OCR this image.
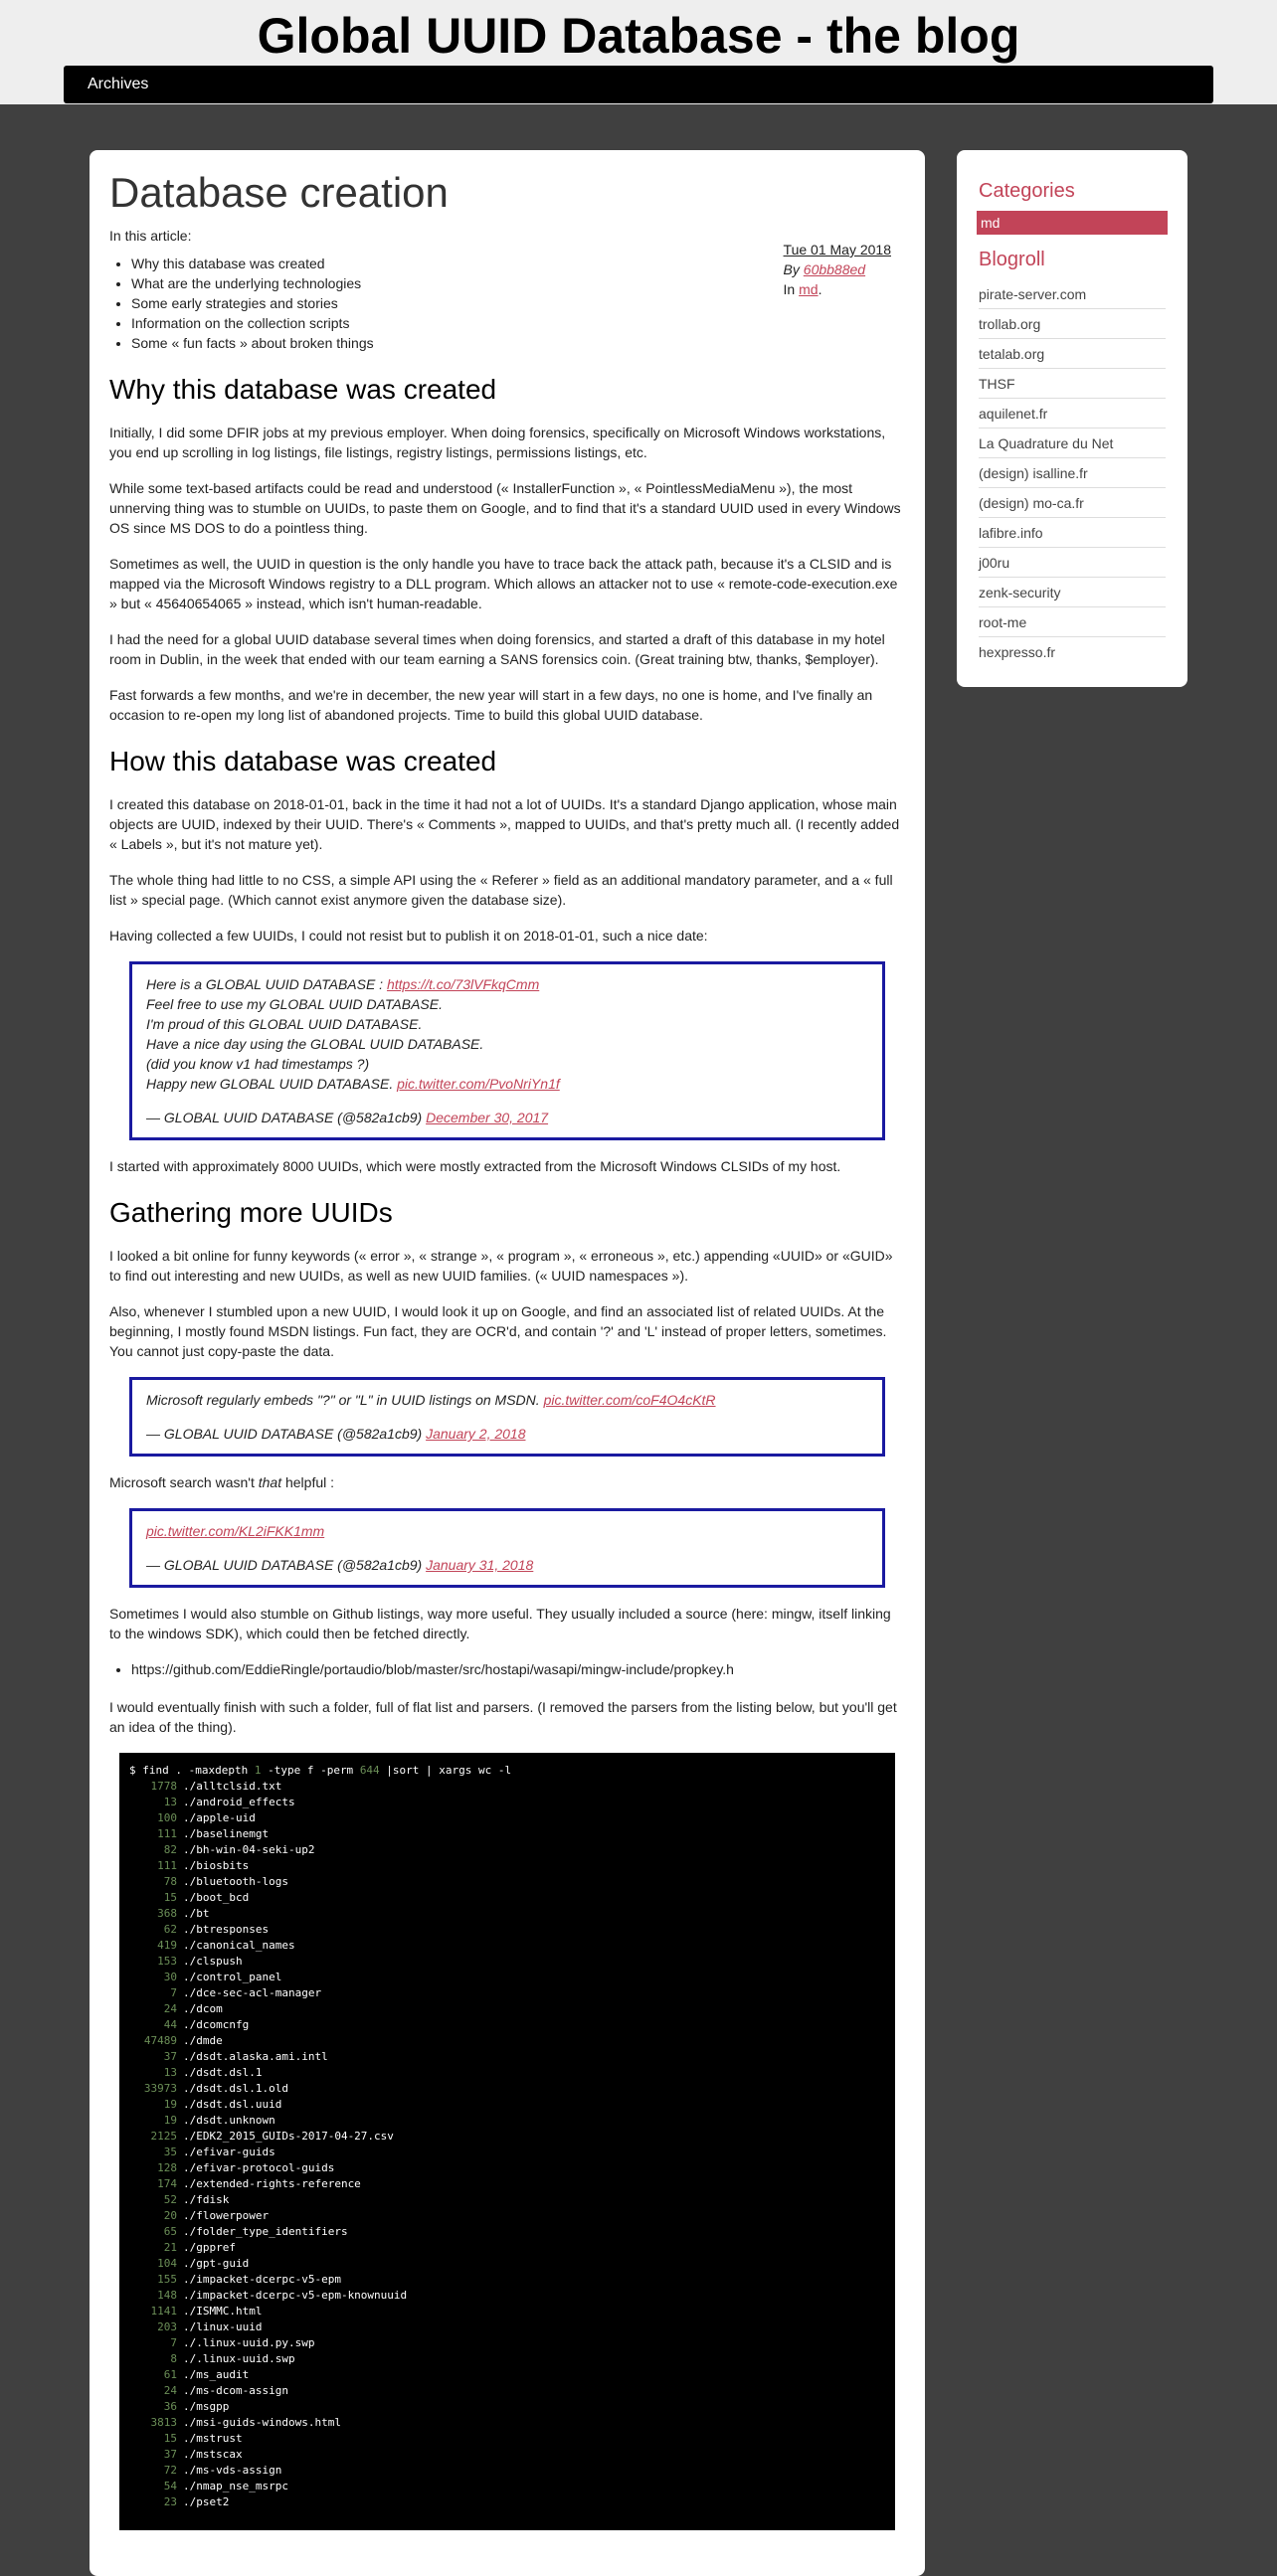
Global UUID Database - the blog
Archives
Database creation
Tue 01 May 2018
By 60bb88ed
In md.

In this article:

• Why this database was created
• What are the underlying technologies
• Some early strategies and stories
• Information on the collection scripts
• Some « fun facts » about broken things
Why this database was created

Initially, I did some DFIR jobs at my previous employer. When doing forensics, specifically on Microsoft Windows workstations, you end up scrolling in log listings, file listings, registry listings, permissions listings, etc.

While some text-based artifacts could be read and understood (« InstallerFunction », « PointlessMediaMenu »), the most unnerving thing was to stumble on UUIDs, to paste them on Google, and to find that it's a standard UUID used in every Windows OS since MS DOS to do a pointless thing.

Sometimes as well, the UUID in question is the only handle you have to trace back the attack path, because it's a CLSID and is mapped via the Microsoft Windows registry to a DLL program. Which allows an attacker not to use « remote-code-execution.exe » but « 45640654065 » instead, which isn't human-readable.

I had the need for a global UUID database several times when doing forensics, and started a draft of this database in my hotel room in Dublin, in the week that ended with our team earning a SANS forensics coin. (Great training btw, thanks, $employer).

Fast forwards a few months, and we're in december, the new year will start in a few days, no one is home, and I've finally an occasion to re-open my long list of abandoned projects. Time to build this global UUID database.

How this database was created

I created this database on 2018-01-01, back in the time it had not a lot of UUIDs. It's a standard Django application, whose main objects are UUID, indexed by their UUID. There's « Comments », mapped to UUIDs, and that's pretty much all. (I recently added « Labels », but it's not mature yet).

The whole thing had little to no CSS, a simple API using the « Referer » field as an additional mandatory parameter, and a « full list » special page. (Which cannot exist anymore given the database size).

Having collected a few UUIDs, I could not resist but to publish it on 2018-01-01, such a nice date:

Here is a GLOBAL UUID DATABASE : https://t.co/73lVFkqCmm
Feel free to use my GLOBAL UUID DATABASE.
I'm proud of this GLOBAL UUID DATABASE.
Have a nice day using the GLOBAL UUID DATABASE.
(did you know v1 had timestamps ?)
Happy new GLOBAL UUID DATABASE. pic.twitter.com/PvoNriYn1f
— GLOBAL UUID DATABASE (@582a1cb9) December 30, 2017

I started with approximately 8000 UUIDs, which were mostly extracted from the Microsoft Windows CLSIDs of my host.

Gathering more UUIDs

I looked a bit online for funny keywords (« error », « strange », « program », « erroneous », etc.) appending «UUID» or «GUID» to find out interesting and new UUIDs, as well as new UUID families. (« UUID namespaces »).

Also, whenever I stumbled upon a new UUID, I would look it up on Google, and find an associated list of related UUIDs. At the beginning, I mostly found MSDN listings. Fun fact, they are OCR'd, and contain '?' and 'L' instead of proper letters, sometimes. You cannot just copy-paste the data.

Microsoft regularly embeds "?" or "L" in UUID listings on MSDN. pic.twitter.com/coF4O4cKtR
— GLOBAL UUID DATABASE (@582a1cb9) January 2, 2018

Microsoft search wasn't that helpful :

pic.twitter.com/KL2iFKK1mm
— GLOBAL UUID DATABASE (@582a1cb9) January 31, 2018

Sometimes I would also stumble on Github listings, way more useful. They usually included a source (here: mingw, itself linking to the windows SDK), which could then be fetched directly.

• https://github.com/EddieRingle/portaudio/blob/master/src/hostapi/wasapi/mingw-include/propkey.h

I would eventually finish with such a folder, full of flat list and parsers. (I removed the parsers from the listing below, but you'll get an idea of the thing).

$ find . -maxdepth 1 -type f -perm 644 |sort | xargs wc -l
1778 ./alltclsid.txt
13 ./android_effects
100 ./apple-uid
111 ./baselinemgt
82 ./bh-win-04-seki-up2
111 ./biosbits
78 ./bluetooth-logs
15 ./boot_bcd
368 ./bt
62 ./btresponses
419 ./canonical_names
153 ./clspush
30 ./control_panel
7 ./dce-sec-acl-manager
24 ./dcom
44 ./dcomcnfg
47489 ./dmde
37 ./dsdt.alaska.ami.intl
13 ./dsdt.dsl.1
33973 ./dsdt.dsl.1.old
19 ./dsdt.dsl.uuid
19 ./dsdt.unknown
2125 ./EDK2_2015_GUIDs-2017-04-27.csv
35 ./efivar-guids
128 ./efivar-protocol-guids
174 ./extended-rights-reference
52 ./fdisk
20 ./flowerpower
65 ./folder_type_identifiers
21 ./gppref
104 ./gpt-guid
155 ./impacket-dcerpc-v5-epm
148 ./impacket-dcerpc-v5-epm-knownuuid
1141 ./ISMMC.html
203 ./linux-uuid
7 ./.linux-uuid.py.swp
8 ./.linux-uuid.swp
61 ./ms_audit
24 ./ms-dcom-assign
36 ./msgpp
3813 ./msi-guids-windows.html
15 ./mstrust
37 ./mstscax
72 ./ms-vds-assign
54 ./nmap_nse_msrpc
23 ./pset2
Categories
md
Blogroll
pirate-server.com
trollab.org
tetalab.org
THSF
aquilenet.fr
La Quadrature du Net
(design) isalline.fr
(design) mo-ca.fr
lafibre.info
j00ru
zenk-security
root-me
hexpresso.fr
